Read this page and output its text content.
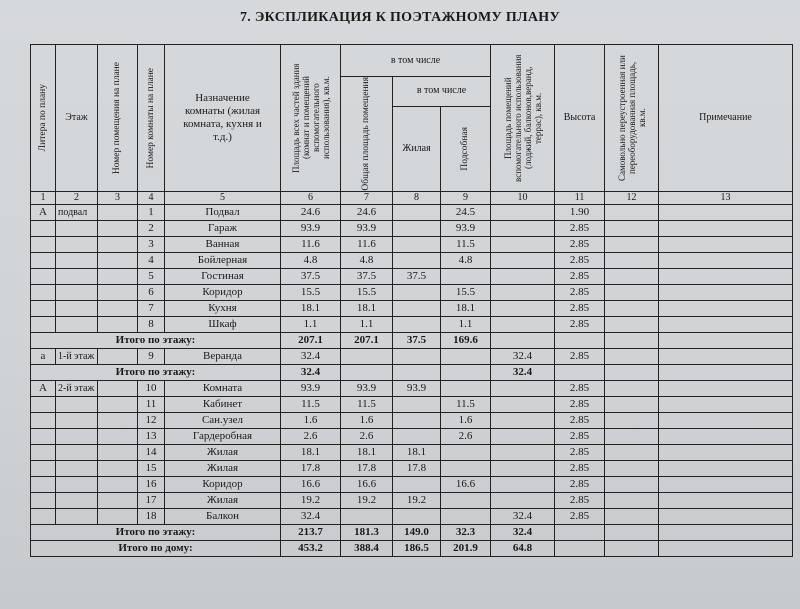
7. ЭКСПЛИКАЦИЯ К ПОЭТАЖНОМУ ПЛАНУ
Литера по плану	Этаж	Номер помещения на плане	Номер комнаты на плане	Назначение комнаты (жилая комната, кухня и т.д.)	Площадь всех частей здания (комнат и помещений вспомогательного использования), кв.м.	в том числе			Площадь помещений вспомогательного использования (лоджий, балконов,веранд, террас), кв.м.	Высота	Самовольно переустроенная или переоборудованная площадь, кв.м.	Примечание

						Общая площадь помещения	в том числе					
							Жилая	Подсобная				

1	2	3	4	5	6	7	8	9	10	11	12	13
А	подвал		1	Подвал	24.6	24.6		24.5		1.90		
			2	Гараж	93.9	93.9		93.9		2.85		
			3	Ванная	11.6	11.6		11.5		2.85		
			4	Бойлерная	4.8	4.8		4.8		2.85		
			5	Гостиная	37.5	37.5	37.5			2.85		
			6	Коридор	15.5	15.5		15.5		2.85		
			7	Кухня	18.1	18.1		18.1		2.85		
			8	Шкаф	1.1	1.1		1.1		2.85		
Итого по этажу:					207.1	207.1	37.5	169.6				
а	1-й этаж		9	Веранда	32.4				32.4	2.85		
Итого по этажу:					32.4				32.4			
А	2-й этаж		10	Комната	93.9	93.9	93.9			2.85		
			11	Кабинет	11.5	11.5		11.5		2.85		
			12	Сан.узел	1.6	1.6		1.6		2.85		
			13	Гардеробная	2.6	2.6		2.6		2.85		
			14	Жилая	18.1	18.1	18.1			2.85		
			15	Жилая	17.8	17.8	17.8			2.85		
			16	Коридор	16.6	16.6		16.6		2.85		
			17	Жилая	19.2	19.2	19.2			2.85		
			18	Балкон	32.4				32.4	2.85		
Итого по этажу:					213.7	181.3	149.0	32.3	32.4			
Итого по дому:					453.2	388.4	186.5	201.9	64.8			
